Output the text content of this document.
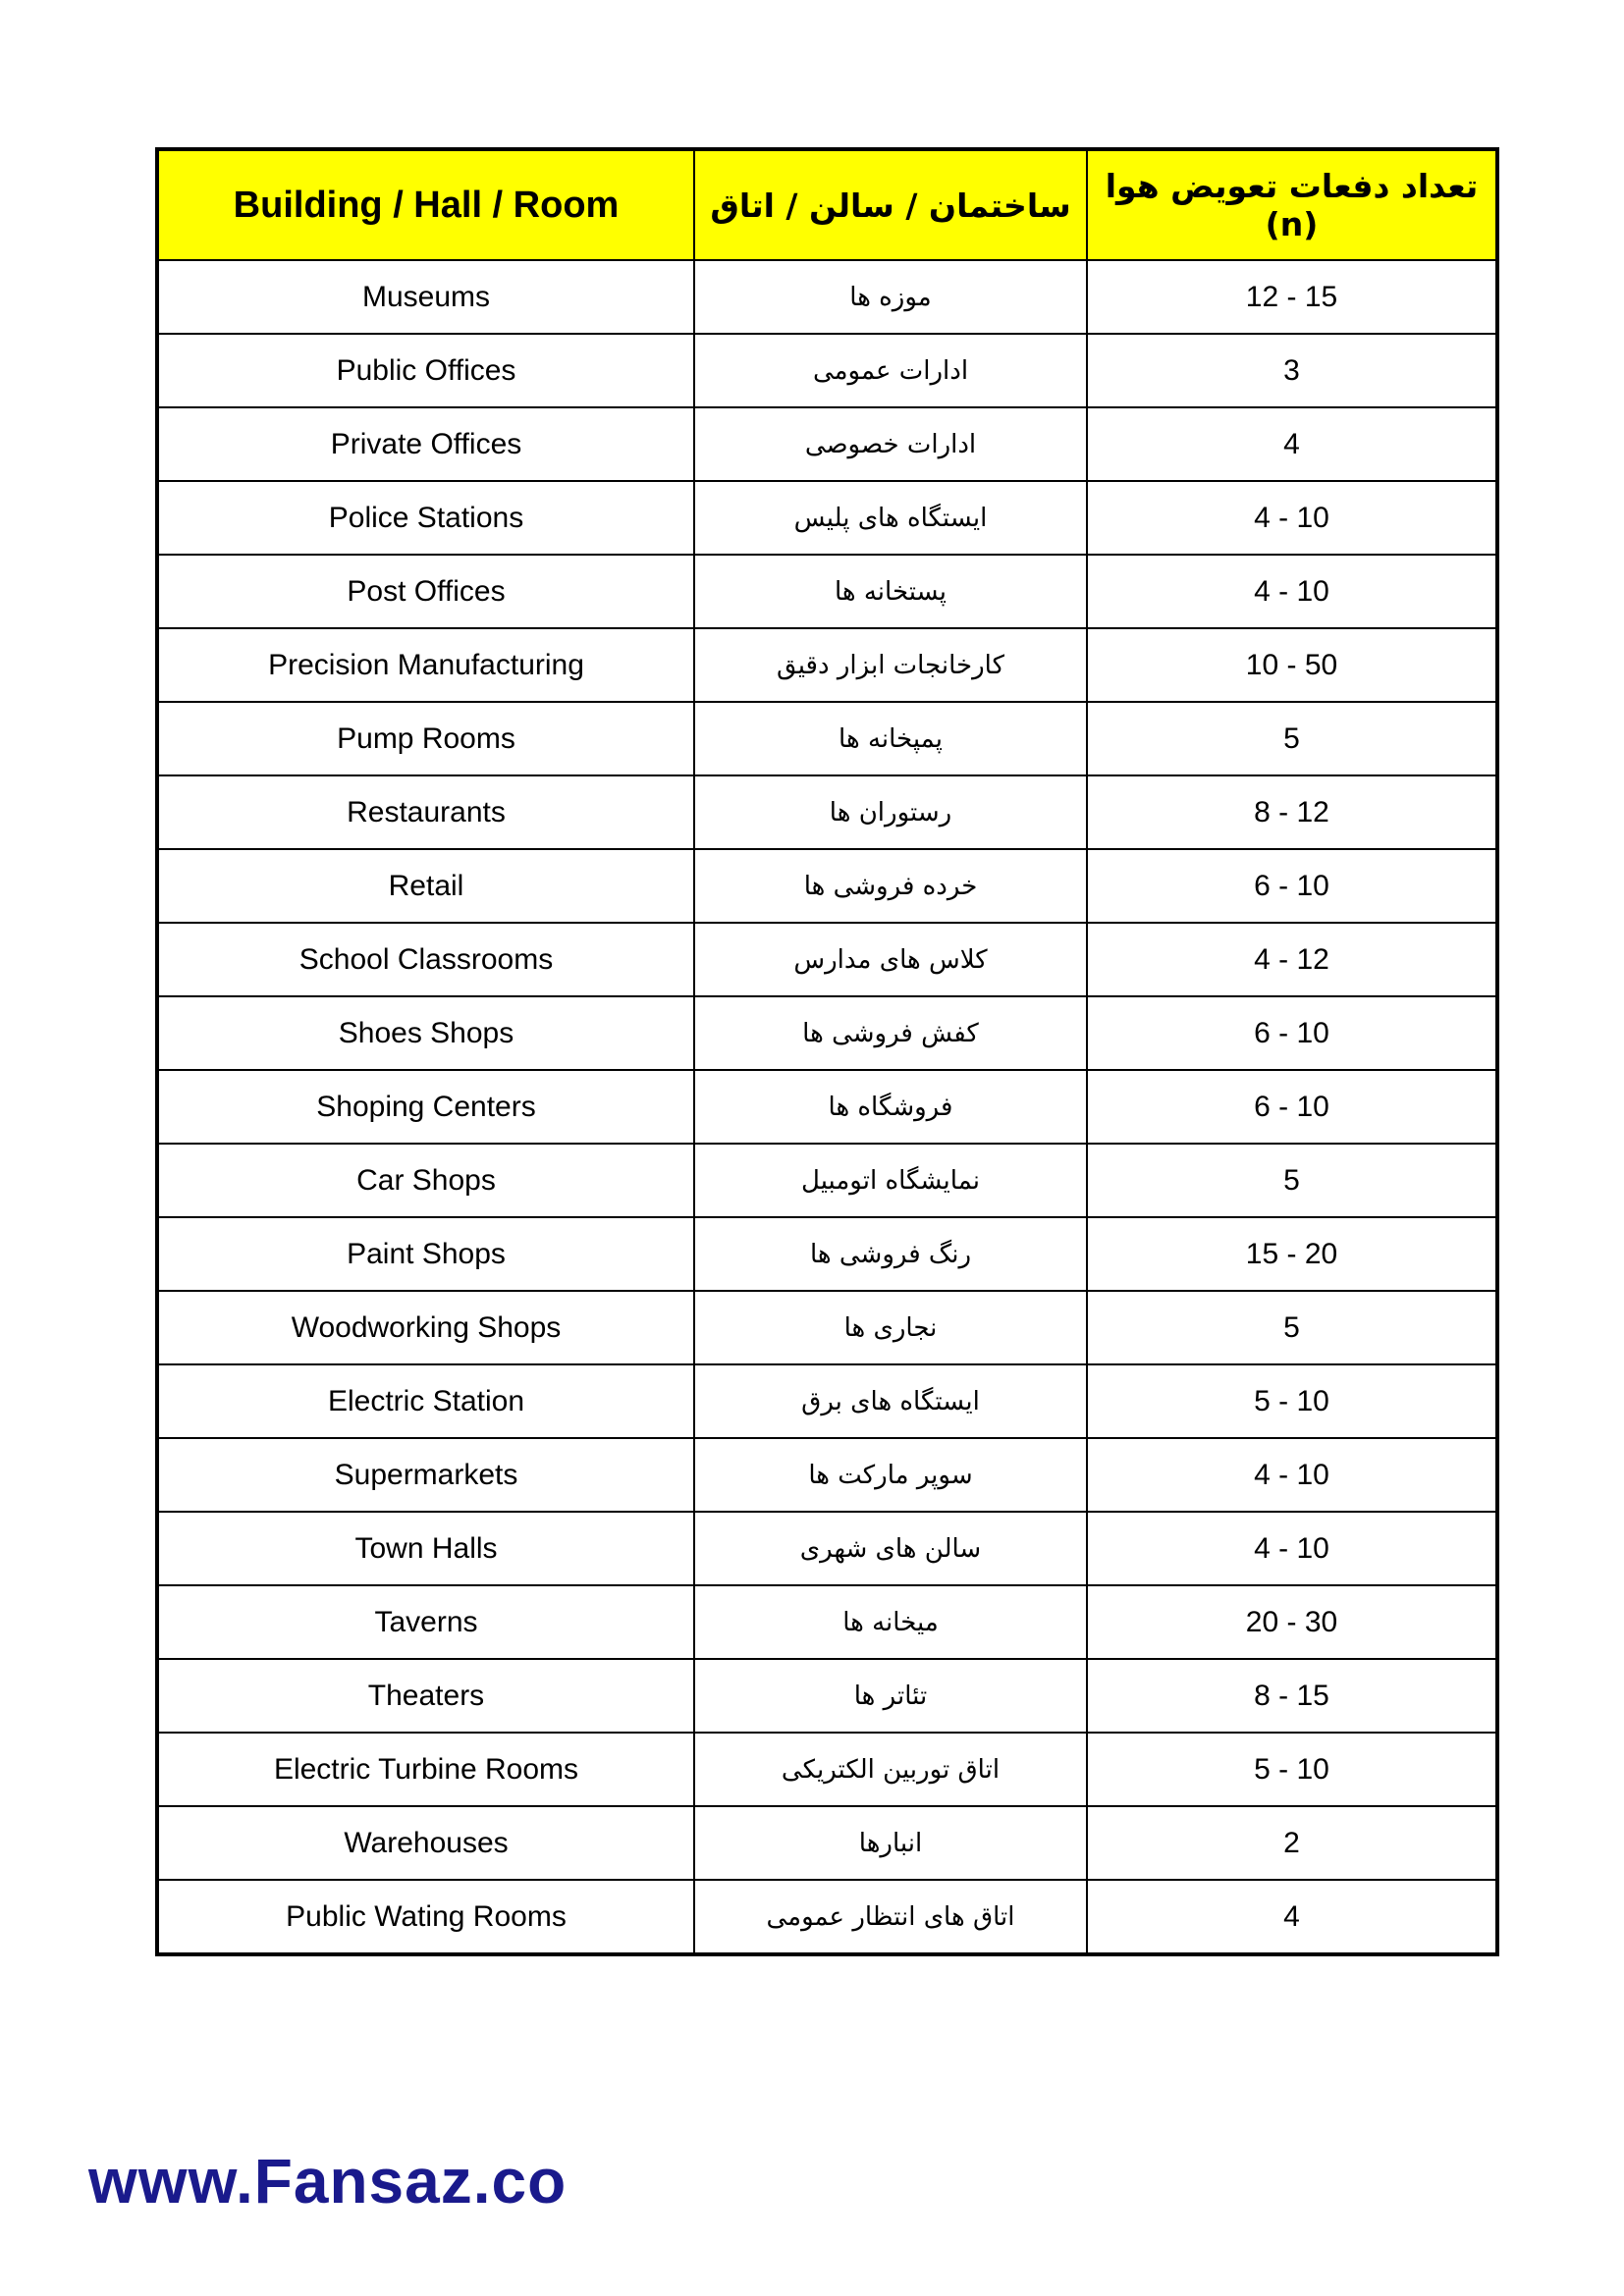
Building / Hall / Room	ساختمان / سالن / اتاق	تعداد دفعات تعویض هوا (n)
Museums	موزه ها	12 - 15
Public Offices	ادارات عمومی	3
Private Offices	ادارات خصوصی	4
Police Stations	ایستگاه های پلیس	4 - 10
Post Offices	پستخانه ها	4 - 10
Precision Manufacturing	کارخانجات ابزار دقیق	10 - 50
Pump Rooms	پمپخانه ها	5
Restaurants	رستوران ها	8 - 12
Retail	خرده فروشی ها	6 - 10
School Classrooms	کلاس های مدارس	4 - 12
Shoes Shops	کفش فروشی ها	6 - 10
Shoping Centers	فروشگاه ها	6 - 10
Car Shops	نمایشگاه اتومبیل	5
Paint Shops	رنگ فروشی ها	15 - 20
Woodworking Shops	نجاری ها	5
Electric Station	ایستگاه های برق	5 - 10
Supermarkets	سوپر مارکت ها	4 - 10
Town Halls	سالن های شهری	4 - 10
Taverns	میخانه ها	20 - 30
Theaters	تئاتر ها	8 - 15
Electric Turbine Rooms	اتاق توربین الکتریکی	5 - 10
Warehouses	انبارها	2
Public Wating Rooms	اتاق های انتظار عمومی	4
www.Fansaz.co
